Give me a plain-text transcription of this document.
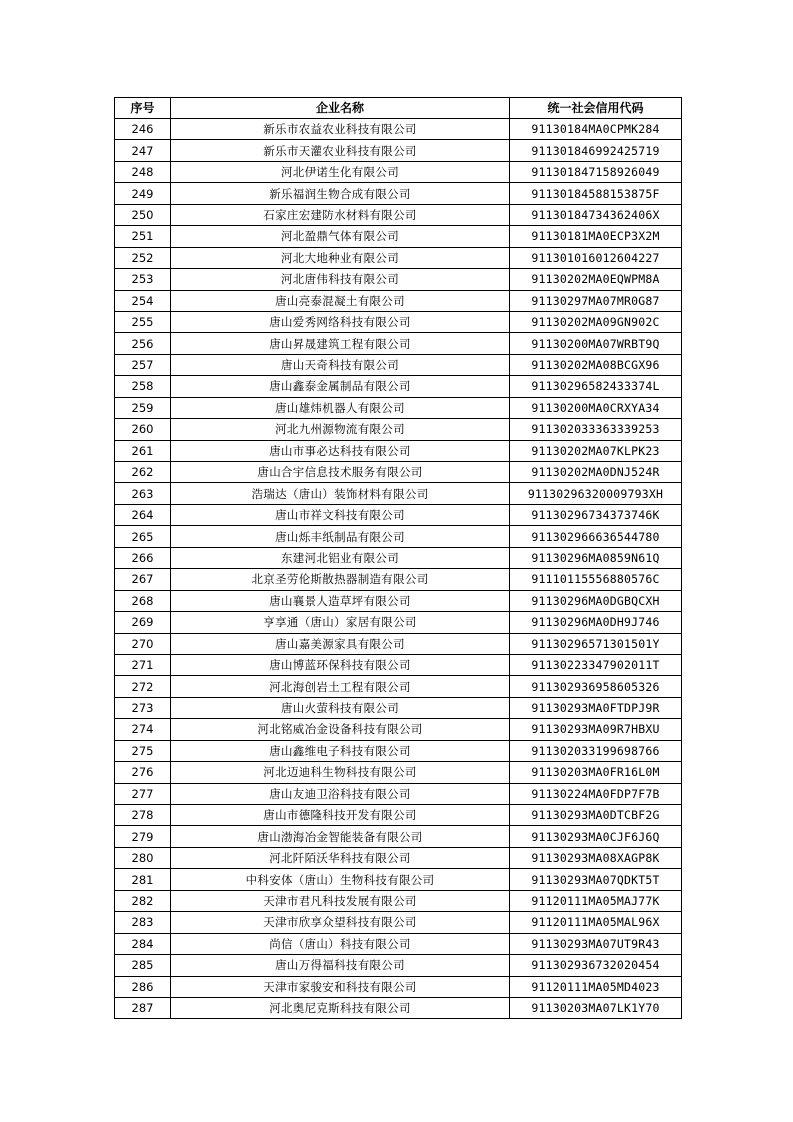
序号	企业名称	统一社会信用代码
246	新乐市农益农业科技有限公司	91130184MA0CPMK284
247	新乐市天灌农业科技有限公司	911301846992425719
248	河北伊诺生化有限公司	911301847158926049
249	新乐福润生物合成有限公司	91130184588153875F
250	石家庄宏建防水材料有限公司	91130184734362406X
251	河北盈鼎气体有限公司	91130181MA0ECP3X2M
252	河北大地种业有限公司	911301016012604227
253	河北唐伟科技有限公司	91130202MA0EQWPM8A
254	唐山亮泰混凝土有限公司	91130297MA07MR0G87
255	唐山爱秀网络科技有限公司	91130202MA09GN902C
256	唐山昇晟建筑工程有限公司	91130200MA07WRBT9Q
257	唐山天奇科技有限公司	91130202MA08BCGX96
258	唐山鑫泰金属制品有限公司	91130296582433374L
259	唐山雄炜机器人有限公司	91130200MA0CRXYA34
260	河北九州源物流有限公司	911302033363339253
261	唐山市事必达科技有限公司	91130202MA07KLPK23
262	唐山合宇信息技术服务有限公司	91130202MA0DNJ524R
263	浩瑞达（唐山）装饰材料有限公司	91130296320009793XH
264	唐山市祥文科技有限公司	91130296734373746K
265	唐山烁丰纸制品有限公司	911302966636544780
266	东建河北铝业有限公司	91130296MA0859N61Q
267	北京圣劳伦斯散热器制造有限公司	91110115556880576C
268	唐山襄景人造草坪有限公司	91130296MA0DGBQCXH
269	亨享通（唐山）家居有限公司	91130296MA0DH9J746
270	唐山嘉美源家具有限公司	91130296571301501Y
271	唐山博蓝环保科技有限公司	91130223347902011T
272	河北海创岩土工程有限公司	911302936958605326
273	唐山火萤科技有限公司	91130293MA0FTDPJ9R
274	河北铭威冶金设备科技有限公司	91130293MA09R7HBXU
275	唐山鑫维电子科技有限公司	911302033199698766
276	河北迈迪科生物科技有限公司	91130203MA0FR16L0M
277	唐山友迪卫浴科技有限公司	91130224MA0FDP7F7B
278	唐山市德隆科技开发有限公司	91130293MA0DTCBF2G
279	唐山渤海冶金智能装备有限公司	91130293MA0CJF6J6Q
280	河北阡陌沃华科技有限公司	91130293MA08XAGP8K
281	中科安体（唐山）生物科技有限公司	91130293MA07QDKT5T
282	天津市君凡科技发展有限公司	91120111MA05MAJ77K
283	天津市欣享众望科技有限公司	91120111MA05MAL96X
284	尚信（唐山）科技有限公司	91130293MA07UT9R43
285	唐山万得福科技有限公司	911302936732020454
286	天津市家骏安和科技有限公司	91120111MA05MD4023
287	河北奥尼克斯科技有限公司	91130203MA07LK1Y70
